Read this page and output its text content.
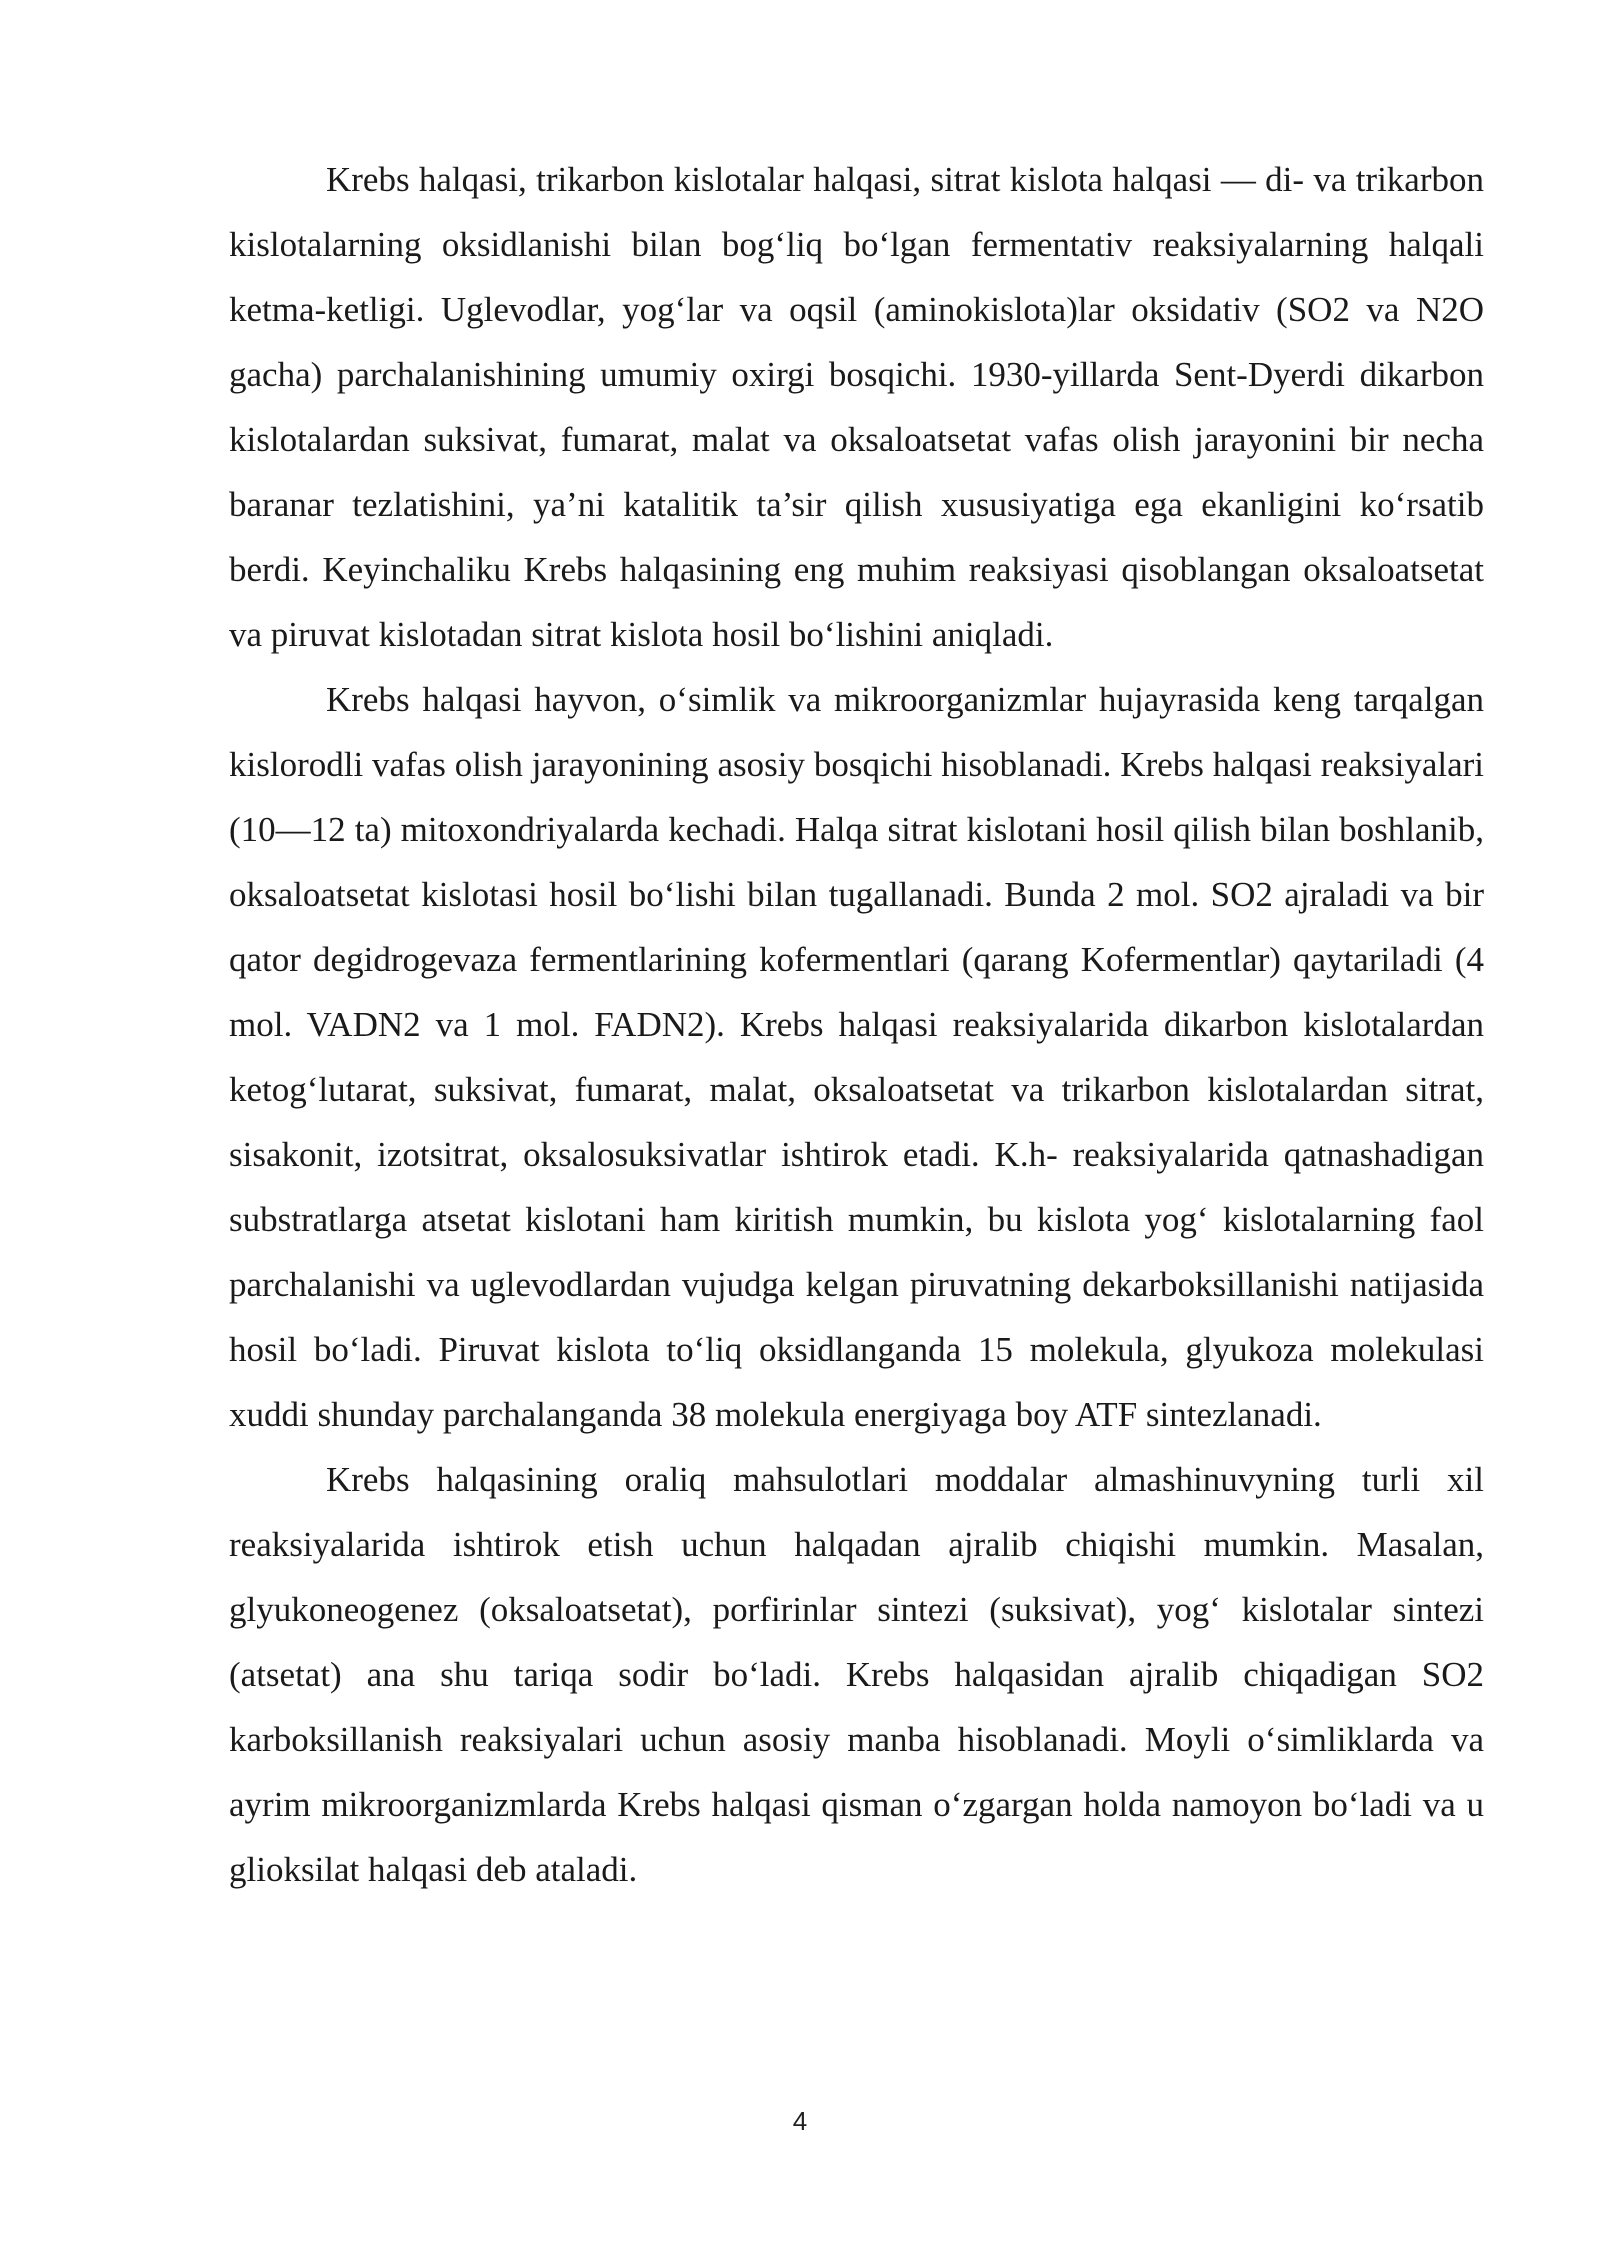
Krebs halqasi, trikarbon kislotalar halqasi, sitrat kislota halqasi — di- va trikarbon kislotalarning oksidlanishi bilan bog‘liq bo‘lgan fermentativ reaksiyalarning halqali ketma-ketligi. Uglevodlar, yog‘lar va oqsil (aminokislota)lar oksidativ (SO2 va N2O gacha) parchalanishining umumiy oxirgi bosqichi. 1930-yillarda Sent-Dyerdi dikarbon kislotalardan suksivat, fumarat, malat va oksaloatsetat vafas olish jarayonini bir necha baranar tezlatishini, ya’ni katalitik ta’sir qilish xususiyatiga ega ekanligini ko‘rsatib berdi. Keyinchaliku Krebs halqasining eng muhim reaksiyasi qisoblangan oksaloatsetat va piruvat kislotadan sitrat kislota hosil bo‘lishini aniqladi.

Krebs halqasi hayvon, o‘simlik va mikroorganizmlar hujayrasida keng tarqalgan kislorodli vafas olish jarayonining asosiy bosqichi hisoblanadi. Krebs halqasi reaksiyalari (10—12 ta) mitoxondriyalarda kechadi. Halqa sitrat kislotani hosil qilish bilan boshlanib, oksaloatsetat kislotasi hosil bo‘lishi bilan tugallanadi. Bunda 2 mol. SO2 ajraladi va bir qator degidrogevaza fermentlarining kofermentlari (qarang Kofermentlar) qaytariladi (4 mol. VADN2 va 1 mol. FADN2). Krebs halqasi reaksiyalarida dikarbon kislotalardan ketog‘lutarat, suksivat, fumarat, malat, oksaloatsetat va trikarbon kislotalardan sitrat, sisakonit, izotsitrat, oksalosuksivatlar ishtirok etadi. K.h- reaksiyalarida qatnashadigan substratlarga atsetat kislotani ham kiritish mumkin, bu kislota yog‘ kislotalarning faol parchalanishi va uglevodlardan vujudga kelgan piruvatning dekarboksillanishi natijasida hosil bo‘ladi. Piruvat kislota to‘liq oksidlanganda 15 molekula, glyukoza molekulasi xuddi shunday parchalanganda 38 molekula energiyaga boy ATF sintezlanadi.

Krebs halqasining oraliq mahsulotlari moddalar almashinuvyning turli xil reaksiyalarida ishtirok etish uchun halqadan ajralib chiqishi mumkin. Masalan, glyukoneogenez (oksaloatsetat), porfirinlar sintezi (suksivat), yog‘ kislotalar sintezi (atsetat) ana shu tariqa sodir bo‘ladi. Krebs halqasidan ajralib chiqadigan SO2 karboksillanish reaksiyalari uchun asosiy manba hisoblanadi. Moyli o‘simliklarda va ayrim mikroorganizmlarda Krebs halqasi qisman o‘zgargan holda namoyon bo‘ladi va u glioksilat halqasi deb ataladi.

4
